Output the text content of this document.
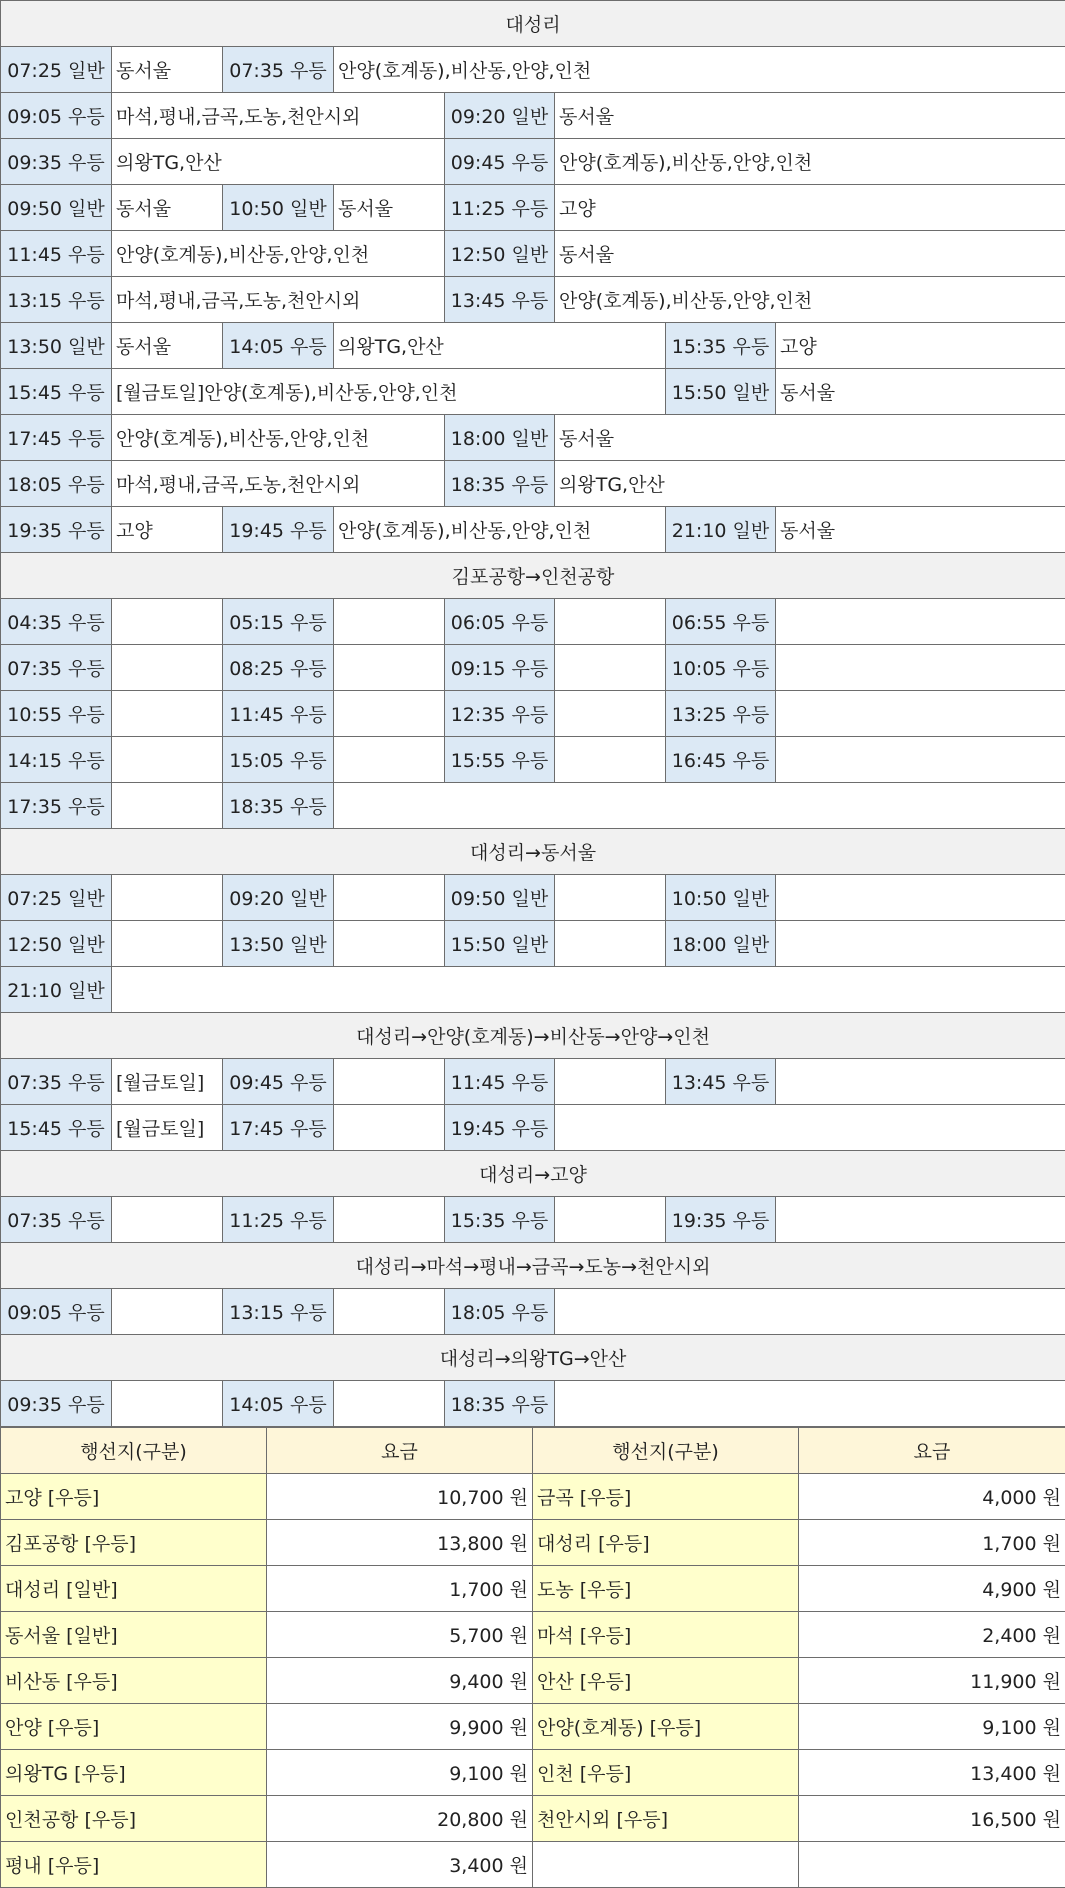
대성리							
07:25 일반	동서울	07:35 우등	안양(호계동),비산동,안양,인천				
09:05 우등	마석,평내,금곡,도농,천안시외			09:20 일반	동서울		
09:35 우등	의왕TG,안산			09:45 우등	안양(호계동),비산동,안양,인천		
09:50 일반	동서울	10:50 일반	동서울	11:25 우등	고양		
11:45 우등	안양(호계동),비산동,안양,인천			12:50 일반	동서울		
13:15 우등	마석,평내,금곡,도농,천안시외			13:45 우등	안양(호계동),비산동,안양,인천		
13:50 일반	동서울	14:05 우등	의왕TG,안산			15:35 우등	고양
15:45 우등	[월금토일]안양(호계동),비산동,안양,인천					15:50 일반	동서울
17:45 우등	안양(호계동),비산동,안양,인천			18:00 일반	동서울		
18:05 우등	마석,평내,금곡,도농,천안시외			18:35 우등	의왕TG,안산		
19:35 우등	고양	19:45 우등	안양(호계동),비산동,안양,인천			21:10 일반	동서울
김포공항→인천공항							
04:35 우등		05:15 우등		06:05 우등		06:55 우등	
07:35 우등		08:25 우등		09:15 우등		10:05 우등	
10:55 우등		11:45 우등		12:35 우등		13:25 우등	
14:15 우등		15:05 우등		15:55 우등		16:45 우등	
17:35 우등		18:35 우등					
대성리→동서울							
07:25 일반		09:20 일반		09:50 일반		10:50 일반	
12:50 일반		13:50 일반		15:50 일반		18:00 일반	
21:10 일반							
대성리→안양(호계동)→비산동→안양→인천							
07:35 우등	[월금토일]	09:45 우등		11:45 우등		13:45 우등	
15:45 우등	[월금토일]	17:45 우등		19:45 우등			
대성리→고양							
07:35 우등		11:25 우등		15:35 우등		19:35 우등	
대성리→마석→평내→금곡→도농→천안시외							
09:05 우등		13:15 우등		18:05 우등			
대성리→의왕TG→안산							
09:35 우등		14:05 우등		18:35 우등			
행선지(구분)	요금	행선지(구분)	요금
고양 [우등]	10,700 원	금곡 [우등]	4,000 원
김포공항 [우등]	13,800 원	대성리 [우등]	1,700 원
대성리 [일반]	1,700 원	도농 [우등]	4,900 원
동서울 [일반]	5,700 원	마석 [우등]	2,400 원
비산동 [우등]	9,400 원	안산 [우등]	11,900 원
안양 [우등]	9,900 원	안양(호계동) [우등]	9,100 원
의왕TG [우등]	9,100 원	인천 [우등]	13,400 원
인천공항 [우등]	20,800 원	천안시외 [우등]	16,500 원
평내 [우등]	3,400 원		
